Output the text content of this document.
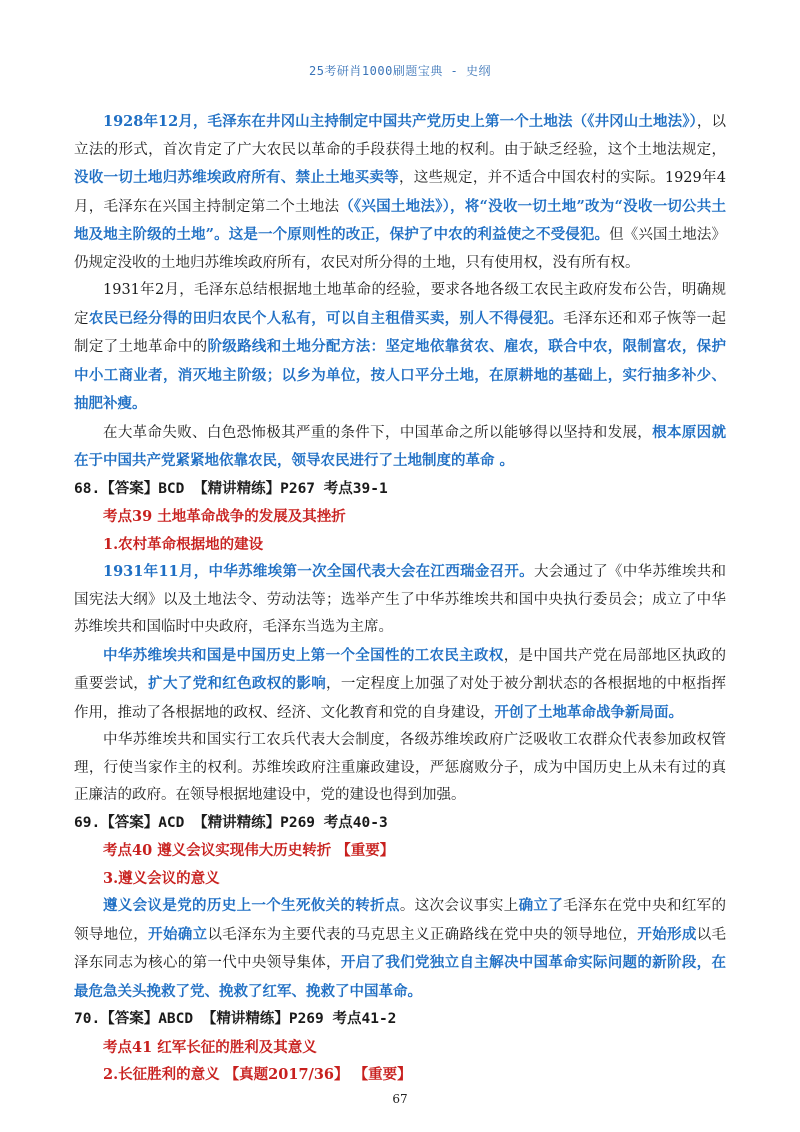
25考研肖1000刷题宝典 - 史纲

1928年12月，毛泽东在井冈山主持制定中国共产党历史上第一个土地法（《井冈山土地法》），以立法的形式，首次肯定了广大农民以革命的手段获得土地的权利。由于缺乏经验，这个土地法规定，没收一切土地归苏维埃政府所有、禁止土地买卖等，这些规定，并不适合中国农村的实际。1929年4月，毛泽东在兴国主持制定第二个土地法（《兴国土地法》），将“没收一切土地”改为“没收一切公共土地及地主阶级的土地”。这是一个原则性的改正，保护了中农的利益使之不受侵犯。但《兴国土地法》仍规定没收的土地归苏维埃政府所有，农民对所分得的土地，只有使用权，没有所有权。

1931年2月，毛泽东总结根据地土地革命的经验，要求各地各级工农民主政府发布公告，明确规定农民已经分得的田归农民个人私有，可以自主租借买卖，别人不得侵犯。毛泽东还和邓子恢等一起制定了土地革命中的阶级路线和土地分配方法：坚定地依靠贫农、雇农，联合中农，限制富农，保护中小工商业者，消灭地主阶级；以乡为单位，按人口平分土地，在原耕地的基础上，实行抽多补少、抽肥补瘦。

在大革命失败、白色恐怖极其严重的条件下，中国革命之所以能够得以坚持和发展，根本原因就在于中国共产党紧紧地依靠农民，领导农民进行了土地制度的革命 。

68.【答案】BCD 【精讲精练】P267 考点39-1

考点39 土地革命战争的发展及其挫折

1.农村革命根据地的建设

1931年11月，中华苏维埃第一次全国代表大会在江西瑞金召开。大会通过了《中华苏维埃共和国宪法大纲》以及土地法令、劳动法等；选举产生了中华苏维埃共和国中央执行委员会；成立了中华苏维埃共和国临时中央政府，毛泽东当选为主席。

中华苏维埃共和国是中国历史上第一个全国性的工农民主政权，是中国共产党在局部地区执政的重要尝试，扩大了党和红色政权的影响，一定程度上加强了对处于被分割状态的各根据地的中枢指挥作用，推动了各根据地的政权、经济、文化教育和党的自身建设，开创了土地革命战争新局面。

中华苏维埃共和国实行工农兵代表大会制度，各级苏维埃政府广泛吸收工农群众代表参加政权管理，行使当家作主的权利。苏维埃政府注重廉政建设，严惩腐败分子，成为中国历史上从未有过的真正廉洁的政府。在领导根据地建设中，党的建设也得到加强。

69.【答案】ACD 【精讲精练】P269 考点40-3

考点40 遵义会议实现伟大历史转折 【重要】

3.遵义会议的意义

遵义会议是党的历史上一个生死攸关的转折点。这次会议事实上确立了毛泽东在党中央和红军的领导地位，开始确立以毛泽东为主要代表的马克思主义正确路线在党中央的领导地位，开始形成以毛泽东同志为核心的第一代中央领导集体，开启了我们党独立自主解决中国革命实际问题的新阶段，在最危急关头挽救了党、挽救了红军、挽救了中国革命。

70.【答案】ABCD 【精讲精练】P269 考点41-2

考点41 红军长征的胜利及其意义

2.长征胜利的意义 【真题2017/36】 【重要】

67
